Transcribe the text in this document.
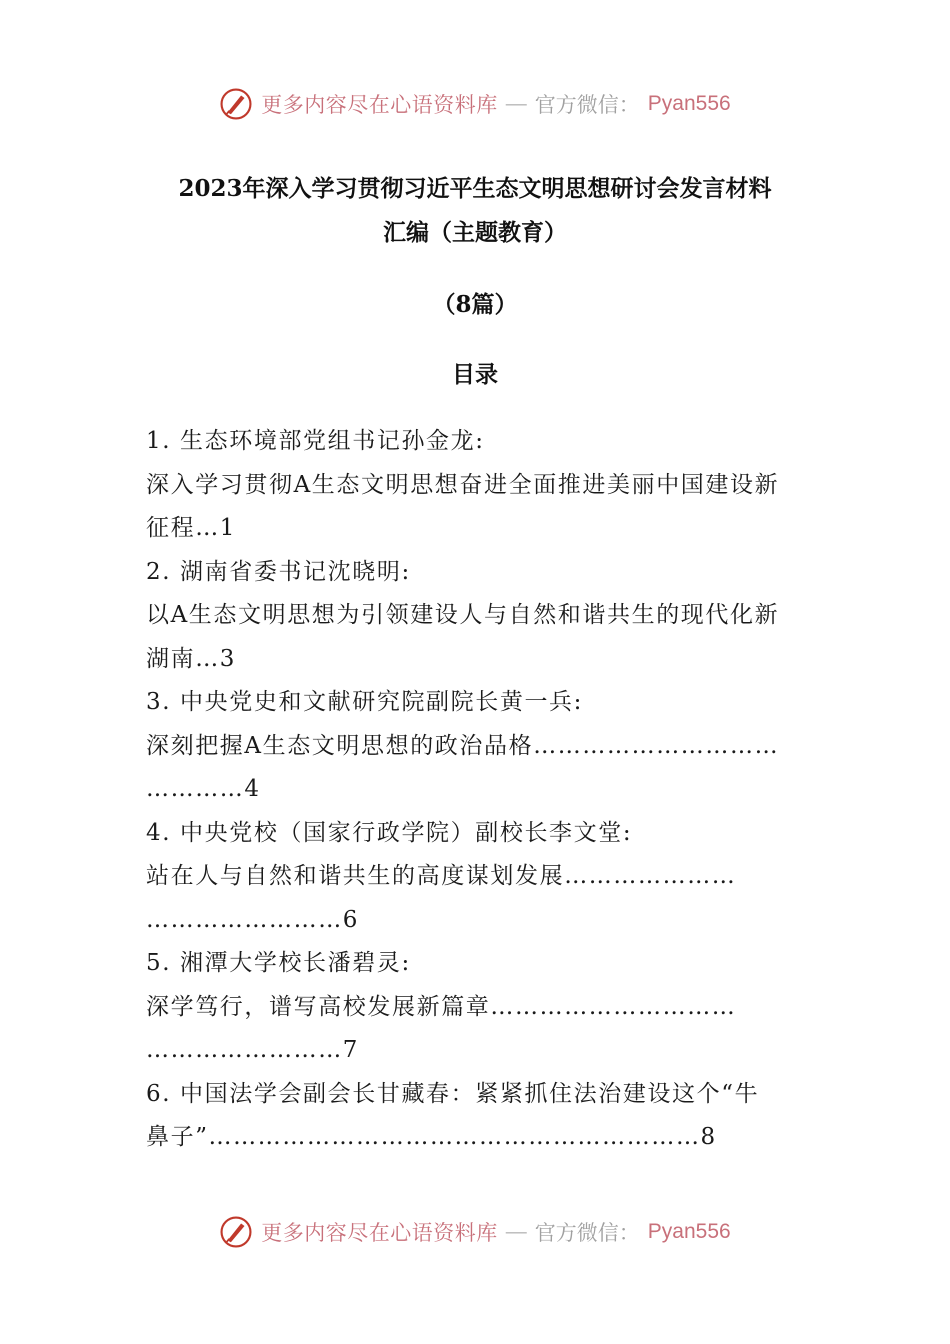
更多内容尽在心语资料库 — 官方微信： Pyan556
2023年深入学习贯彻习近平生态文明思想研讨会发言材料
汇编（主题教育）
（8篇）
目录
1. 生态环境部党组书记孙金龙:
深入学习贯彻A生态文明思想奋进全面推进美丽中国建设新
征程…1
2. 湖南省委书记沈晓明:
以A生态文明思想为引领建设人与自然和谐共生的现代化新
湖南…3
3. 中央党史和文献研究院副院长黄一兵:
深刻把握A生态文明思想的政治品格…………………………
…………4
4. 中央党校（国家行政学院）副校长李文堂:
站在人与自然和谐共生的高度谋划发展…………………
……………………6
5. 湘潭大学校长潘碧灵:
深学笃行，谱写高校发展新篇章…………………………
……………………7
6. 中国法学会副会长甘藏春：紧紧抓住法治建设这个“牛
鼻子”……………………………………………………8
更多内容尽在心语资料库 — 官方微信： Pyan556
